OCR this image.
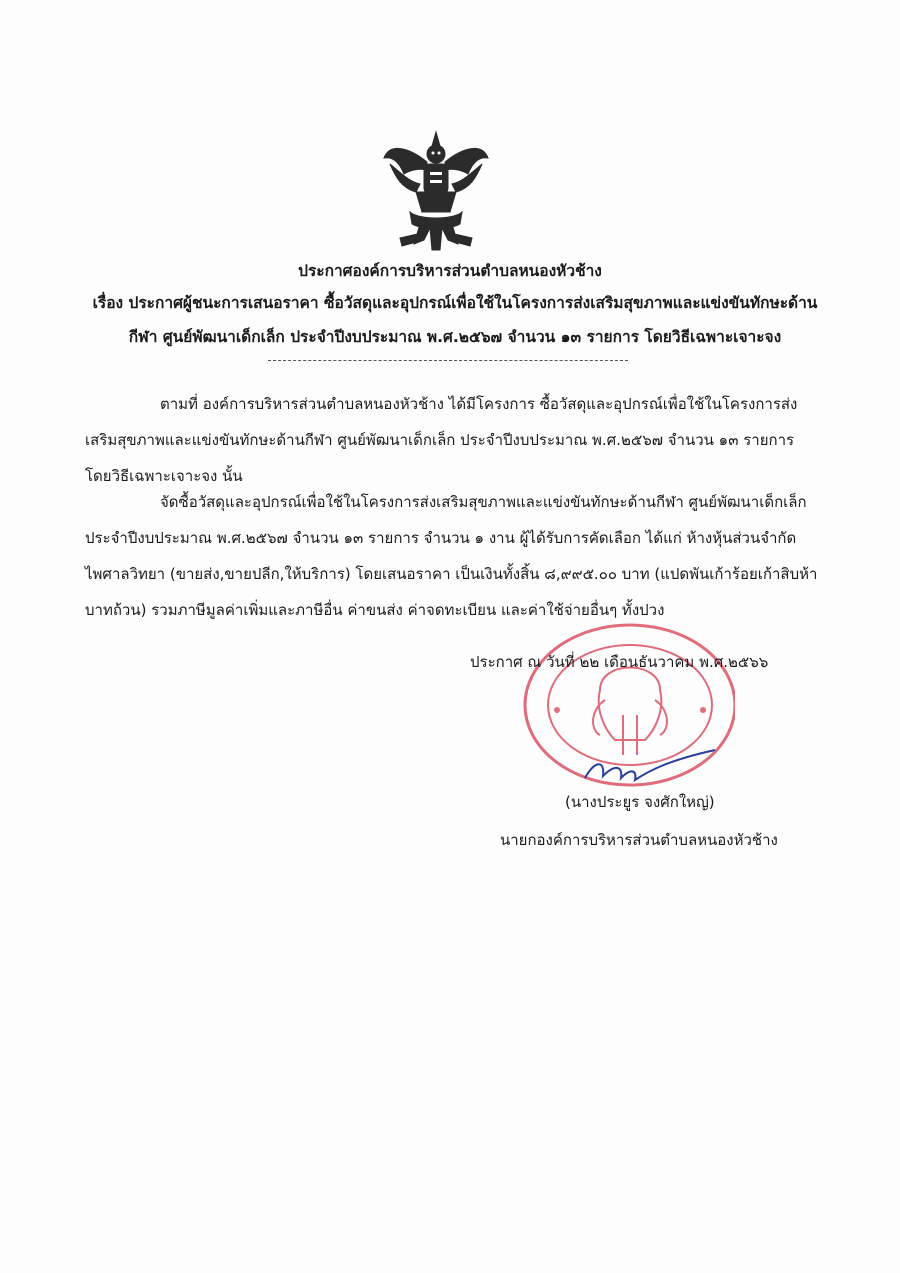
ประกาศองค์การบริหารส่วนตำบลหนองหัวช้าง
เรื่อง ประกาศผู้ชนะการเสนอราคา ซื้อวัสดุและอุปกรณ์เพื่อใช้ในโครงการส่งเสริมสุขภาพและแข่งขันทักษะด้าน
กีฬา ศูนย์พัฒนาเด็กเล็ก ประจำปีงบประมาณ พ.ศ.๒๕๖๗ จำนวน ๑๓ รายการ โดยวิธีเฉพาะเจาะจง
ตามที่ องค์การบริหารส่วนตำบลหนองหัวช้าง ได้มีโครงการ ซื้อวัสดุและอุปกรณ์เพื่อใช้ในโครงการส่ง
เสริมสุขภาพและแข่งขันทักษะด้านกีฬา ศูนย์พัฒนาเด็กเล็ก ประจำปีงบประมาณ พ.ศ.๒๕๖๗ จำนวน ๑๓ รายการ
โดยวิธีเฉพาะเจาะจง นั้น
จัดซื้อวัสดุและอุปกรณ์เพื่อใช้ในโครงการส่งเสริมสุขภาพและแข่งขันทักษะด้านกีฬา ศูนย์พัฒนาเด็กเล็ก
ประจำปีงบประมาณ พ.ศ.๒๕๖๗ จำนวน ๑๓ รายการ จำนวน ๑ งาน ผู้ได้รับการคัดเลือก ได้แก่ ห้างหุ้นส่วนจำกัด
ไพศาลวิทยา (ขายส่ง,ขายปลีก,ให้บริการ) โดยเสนอราคา เป็นเงินทั้งสิ้น ๘,๙๙๕.๐๐ บาท (แปดพันเก้าร้อยเก้าสิบห้า
บาทถ้วน) รวมภาษีมูลค่าเพิ่มและภาษีอื่น ค่าขนส่ง ค่าจดทะเบียน และค่าใช้จ่ายอื่นๆ ทั้งปวง
ประกาศ ณ วันที่ ๒๒ เดือนธันวาคม พ.ศ.๒๕๖๖
(นางประยูร จงศักใหญ่)
นายกองค์การบริหารส่วนตำบลหนองหัวช้าง
